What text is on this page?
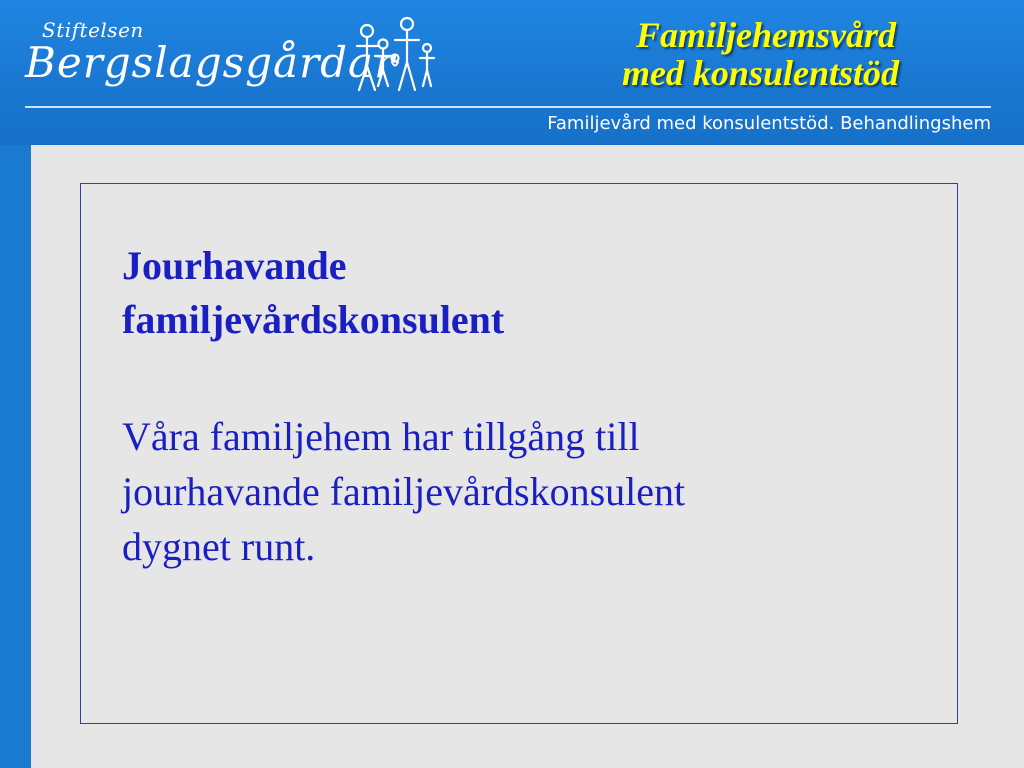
Stiftelsen
Bergslagsgårdar
Familjehemsvård
med konsulentstöd
Familjevård med konsulentstöd. Behandlingshem
Jourhavande
familjevårdskonsulent
Våra familjehem har tillgång till
jourhavande familjevårdskonsulent
dygnet runt.
